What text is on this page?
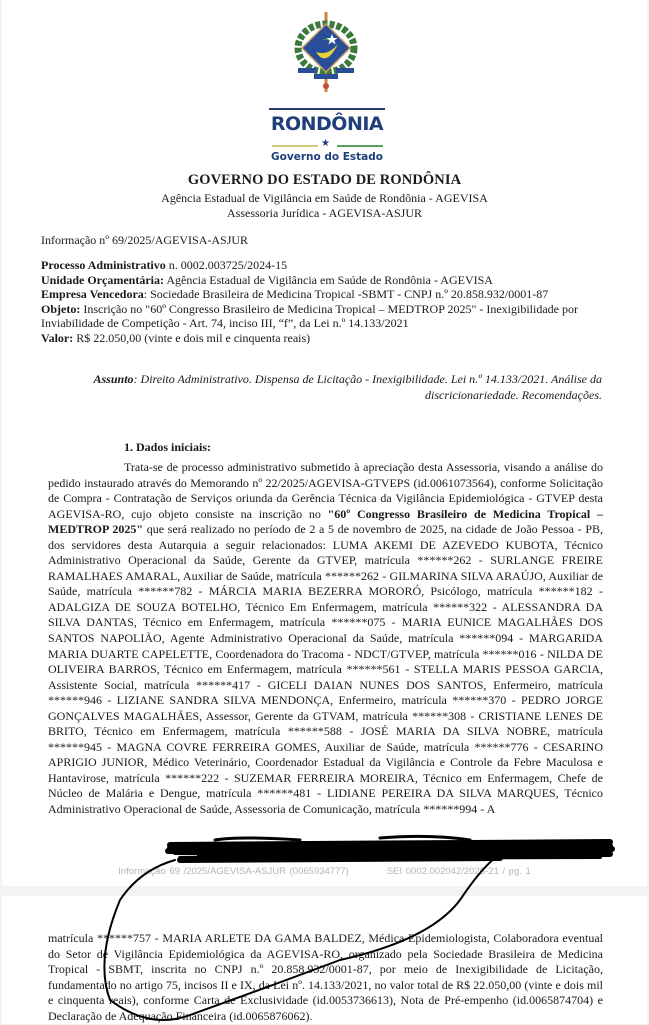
RONDÔNIA
★
Governo do Estado
GOVERNO DO ESTADO DE RONDÔNIA
Agência Estadual de Vigilância em Saúde de Rondônia - AGEVISA
Assessoria Jurídica - AGEVISA-ASJUR
Informação nº 69/2025/AGEVISA-ASJUR
Processo Administrativo n. 0002.003725/2024-15
Unidade Orçamentária: Agência Estadual de Vigilância em Saúde de Rondônia - AGEVISA
Empresa Vencedora: Sociedade Brasileira de Medicina Tropical -SBMT - CNPJ n.º 20.858.932/0001-87
Objeto: Inscrição no "60º Congresso Brasileiro de Medicina Tropical – MEDTROP 2025" - Inexigibilidade por Inviabilidade de Competição - Art. 74, inciso III, “f”, da Lei n.º 14.133/2021
Valor: R$ 22.050,00 (vinte e dois mil e cinquenta reais)
Assunto: Direito Administrativo. Dispensa de Licitação - Inexigibilidade. Lei n.º 14.133/2021. Análise da discricionariedade. Recomendações.
1. Dados iniciais:
Trata-se de processo administrativo submetido à apreciação desta Assessoria, visando a análise do pedido instaurado através do Memorando nº 22/2025/AGEVISA-GTVEPS (id.0061073564), conforme Solicitação de Compra - Contratação de Serviços oriunda da Gerência Técnica da Vigilância Epidemiológica - GTVEP desta AGEVISA-RO, cujo objeto consiste na inscrição no "60º Congresso Brasileiro de Medicina Tropical – MEDTROP 2025" que será realizado no período de 2 a 5 de novembro de 2025, na cidade de João Pessoa - PB, dos servidores desta Autarquia a seguir relacionados: LUMA AKEMI DE AZEVEDO KUBOTA, Técnico Administrativo Operacional da Saúde, Gerente da GTVEP, matrícula ******262 - SURLANGE FREIRE RAMALHAES AMARAL, Auxiliar de Saúde, matrícula ******262 - GILMARINA SILVA ARAÚJO, Auxiliar de Saúde, matrícula ******782 - MÁRCIA MARIA BEZERRA MORORÓ, Psicólogo, matrícula ******182 - ADALGIZA DE SOUZA BOTELHO, Técnico Em Enfermagem, matrícula ******322 - ALESSANDRA DA SILVA DANTAS, Técnico em Enfermagem, matrícula ******075 - MARIA EUNICE MAGALHÃES DOS SANTOS NAPOLIÃO, Agente Administrativo Operacional da Saúde, matrícula ******094 - MARGARIDA MARIA DUARTE CAPELETTE, Coordenadora do Tracoma - NDCT/GTVEP, matrícula ******016 - NILDA DE OLIVEIRA BARROS, Técnico em Enfermagem, matrícula ******561 - STELLA MARIS PESSOA GARCIA, Assistente Social, matrícula ******417 - GICELI DAIAN NUNES DOS SANTOS, Enfermeiro, matrícula ******946 - LIZIANE SANDRA SILVA MENDONÇA, Enfermeiro, matrícula ******370 - PEDRO JORGE GONÇALVES MAGALHÃES, Assessor, Gerente da GTVAM, matrícula ******308 - CRISTIANE LENES DE BRITO, Técnico em Enfermagem, matrícula ******588 - JOSÉ MARIA DA SILVA NOBRE, matrícula ******945 - MAGNA COVRE FERREIRA GOMES, Auxiliar de Saúde, matrícula ******776 - CESARINO APRIGIO JUNIOR, Médico Veterinário, Coordenador Estadual da Vigilância e Controle da Febre Maculosa e Hantavirose, matrícula ******222 - SUZEMAR FERREIRA MOREIRA, Técnico em Enfermagem, Chefe de Núcleo de Malária e Dengue, matrícula ******481 - LIDIANE PEREIRA DA SILVA MARQUES, Técnico Administrativo Operacional de Saúde, Assessoria de Comunicação, matrícula ******994 - A
Informação 69 /2025/AGEVISA-ASJUR (0065934777)	SEI 0002.002042/2025-21 / pg. 1
matrícula ******757 - MARIA ARLETE DA GAMA BALDEZ, Médica Epidemiologista, Colaboradora eventual do Setor de Vigilância Epidemiológica da AGEVISA-RO, organizado pela Sociedade Brasileira de Medicina Tropical - SBMT, inscrita no CNPJ n.º 20.858.932/0001-87, por meio de Inexigibilidade de Licitação, fundamentado no artigo 75, incisos II e IX, da Lei nº. 14.133/2021, no valor total de R$ 22.050,00 (vinte e dois mil e cinquenta reais), conforme Carta de Exclusividade (id.0053736613), Nota de Pré-empenho (id.0065874704) e Declaração de Adequação Financeira (id.0065876062).
